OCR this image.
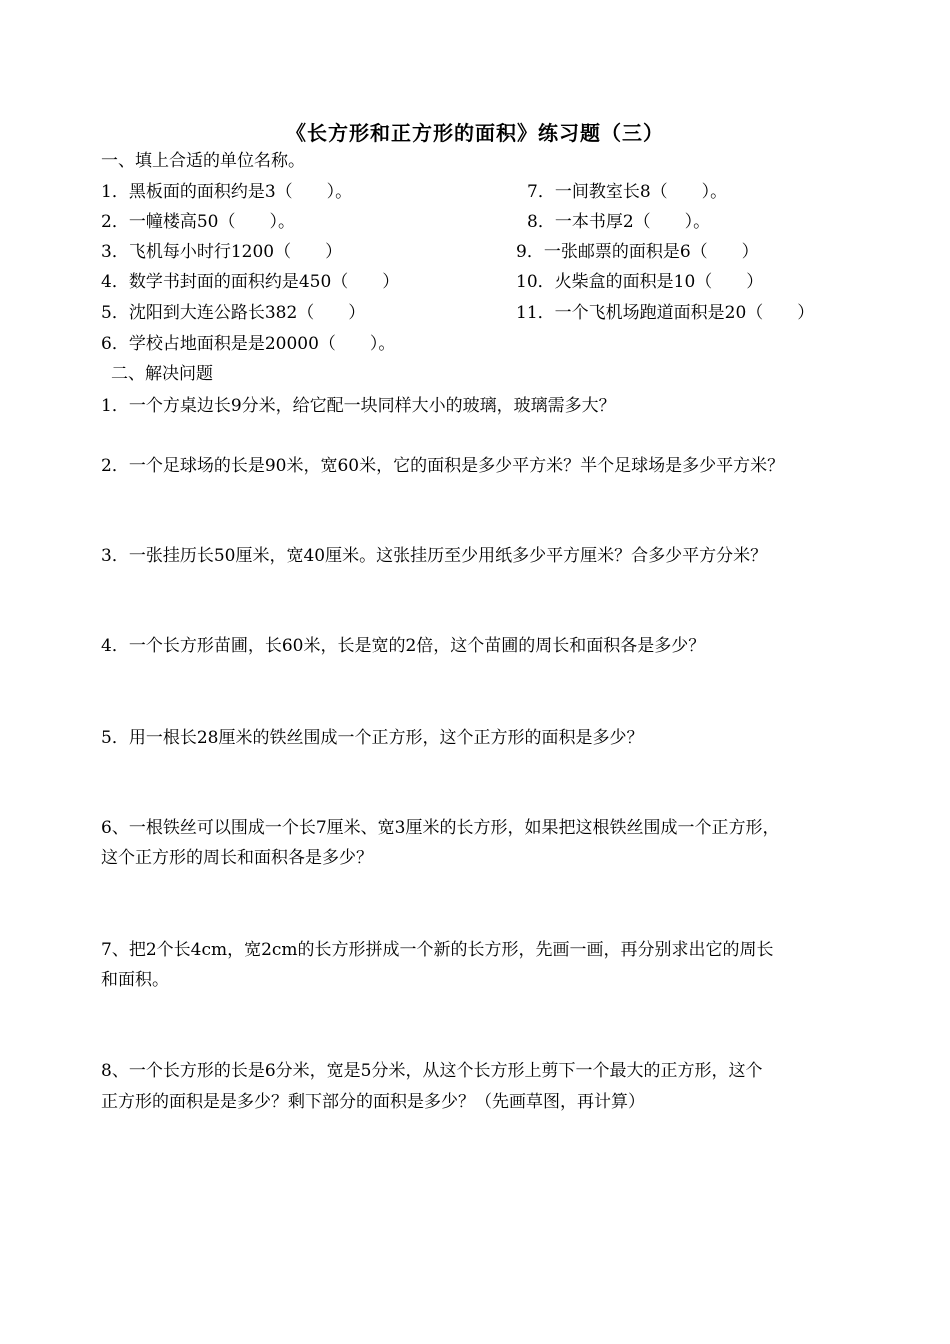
《长方形和正方形的面积》练习题（三）
一、填上合适的单位名称。
1．黑板面的面积约是3（　　）。
2．一幢楼高50（　　）。
3．飞机每小时行1200（　　）
4．数学书封面的面积约是450（　　）
5．沈阳到大连公路长382（　　）
6．学校占地面积是是20000（　　）。
7．一间教室长8（　　）。
8．一本书厚2（　　）。
9．一张邮票的面积是6（　　）
10．火柴盒的面积是10（　　）
11．一个飞机场跑道面积是20（　　）
二、解决问题
1．一个方桌边长9分米，给它配一块同样大小的玻璃，玻璃需多大？
2．一个足球场的长是90米，宽60米，它的面积是多少平方米？半个足球场是多少平方米？
3．一张挂历长50厘米，宽40厘米。这张挂历至少用纸多少平方厘米？合多少平方分米？
4．一个长方形苗圃，长60米，长是宽的2倍，这个苗圃的周长和面积各是多少？
5．用一根长28厘米的铁丝围成一个正方形，这个正方形的面积是多少？
6、一根铁丝可以围成一个长7厘米、宽3厘米的长方形，如果把这根铁丝围成一个正方形，
这个正方形的周长和面积各是多少？
7、把2个长4cm，宽2cm的长方形拼成一个新的长方形，先画一画，再分别求出它的周长
和面积。
8、一个长方形的长是6分米，宽是5分米，从这个长方形上剪下一个最大的正方形，这个
正方形的面积是是多少？剩下部分的面积是多少？（先画草图，再计算）
